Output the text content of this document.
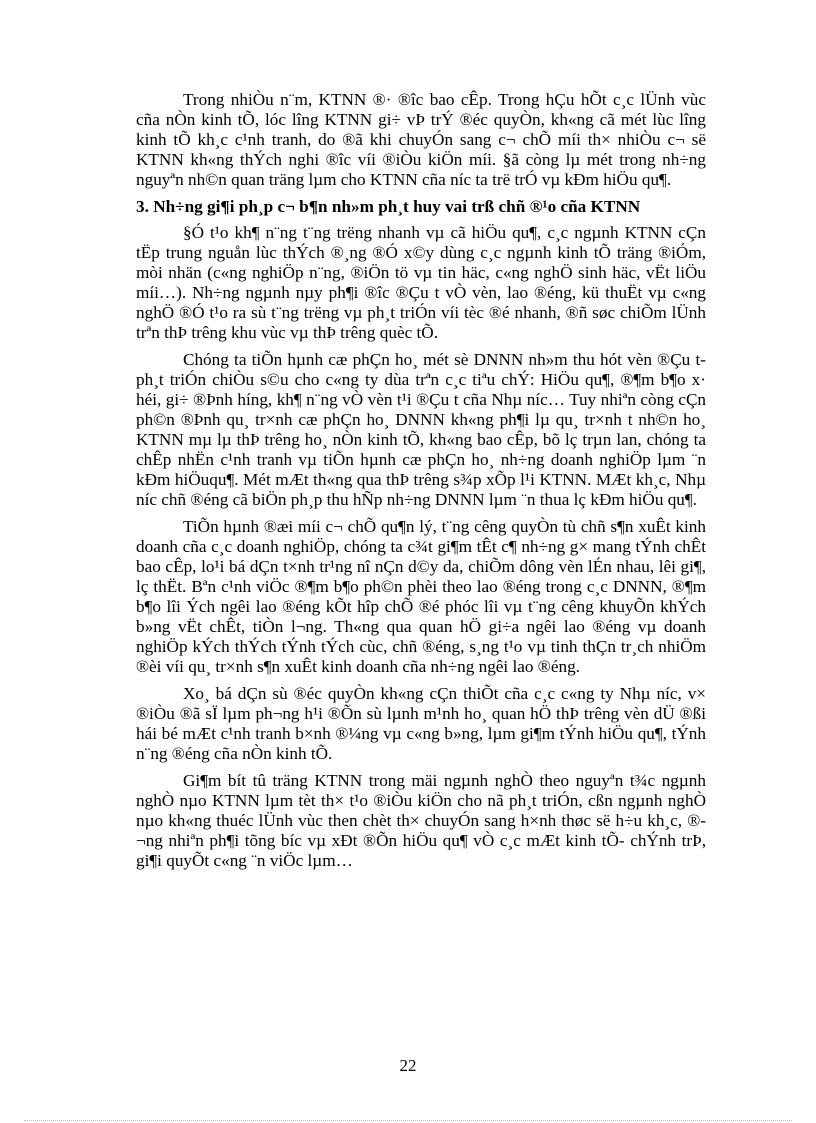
Trong nhiÒu n¨m, KTNN ®· ®îc bao cÊp. Trong hÇu hÕt c¸c lÜnh vùc cña nÒn kinh tÕ, lóc lîng KTNN gi÷ vÞ trÝ ®éc quyÒn, kh«ng cã mét lùc lîng kinh tÕ kh¸c c¹nh tranh, do ®ã khi chuyÓn sang c¬ chÕ míi th× nhiÒu c¬ së KTNN kh«ng thÝch nghi ®îc víi ®iÒu kiÖn míi. §ã còng lµ mét trong nh÷ng nguyªn nh©n quan träng lµm cho KTNN cña níc ta trë trÓ vµ kÐm hiÖu qu¶.

3. Nh÷ng gi¶i ph¸p c¬ b¶n nh»m ph¸t huy vai trß chñ ®¹o cña KTNN

§Ó t¹o kh¶ n¨ng t¨ng trëng nhanh vµ cã hiÖu qu¶, c¸c ngµnh KTNN cÇn tËp trung nguån lùc thÝch ®¸ng ®Ó x©y dùng c¸c ngµnh kinh tÕ träng ®iÓm, mòi nhän (c«ng nghiÖp n¨ng, ®iÖn tö vµ tin häc, c«ng nghÖ sinh häc, vËt liÖu míi…). Nh÷ng ngµnh nµy ph¶i ®îc ®Çu t vÒ vèn, lao ®éng, kü thuËt vµ c«ng nghÖ ®Ó t¹o ra sù t¨ng trëng vµ ph¸t triÓn víi tèc ®é nhanh, ®ñ søc chiÕm lÜnh trªn thÞ trêng khu vùc vµ thÞ trêng quèc tÕ.

Chóng ta tiÕn hµnh cæ phÇn ho¸ mét sè DNNN nh»m thu hót vèn ®Çu t ph¸t triÓn chiÒu s©u cho c«ng ty dùa trªn c¸c tiªu chÝ: HiÖu qu¶, ®¶m b¶o x· héi, gi÷ ®Þnh híng, kh¶ n¨ng vÒ vèn t¹i ®Çu t cña Nhµ níc… Tuy nhiªn còng cÇn ph©n ®Þnh qu¸ tr×nh cæ phÇn ho¸ DNNN kh«ng ph¶i lµ qu¸ tr×nh t nh©n ho¸ KTNN mµ lµ thÞ trêng ho¸ nÒn kinh tÕ, kh«ng bao cÊp, bõ lç trµn lan, chóng ta chÊp nhËn c¹nh tranh vµ tiÕn hµnh cæ phÇn ho¸ nh÷ng doanh nghiÖp lµm ¨n kÐm hiÖuqu¶. Mét mÆt th«ng qua thÞ trêng s¾p xÕp l¹i KTNN. MÆt kh¸c, Nhµ níc chñ ®éng cã biÖn ph¸p thu hÑp nh÷ng DNNN lµm ¨n thua lç kÐm hiÖu qu¶.

TiÕn hµnh ®æi míi c¬ chÕ qu¶n lý, t¨ng cêng quyÒn tù chñ s¶n xuÊt kinh doanh cña c¸c doanh nghiÖp, chóng ta c¾t gi¶m tÊt c¶ nh÷ng g× mang tÝnh chÊt bao cÊp, lo¹i bá dÇn t×nh tr¹ng nî nÇn d©y da, chiÕm dông vèn lÉn nhau, lêi gi¶, lç thËt. Bªn c¹nh viÖc ®¶m b¶o ph©n phèi theo lao ®éng trong c¸c DNNN, ®¶m b¶o lîi Ých ngêi lao ®éng kÕt hîp chÕ ®é phóc lîi vµ t¨ng cêng khuyÕn khÝch b»ng vËt chÊt, tiÒn l¬ng. Th«ng qua quan hÖ gi÷a ngêi lao ®éng vµ doanh nghiÖp kÝch thÝch tÝnh tÝch cùc, chñ ®éng, s¸ng t¹o vµ tinh thÇn tr¸ch nhiÖm ®èi víi qu¸ tr×nh s¶n xuÊt kinh doanh cña nh÷ng ngêi lao ®éng.

Xo¸ bá dÇn sù ®éc quyÒn kh«ng cÇn thiÕt cña c¸c c«ng ty Nhµ níc, v× ®iÒu ®ã sÏ lµm ph¬ng h¹i ®Õn sù lµnh m¹nh ho¸ quan hÖ thÞ trêng vèn dÜ ®ßi hái bé mÆt c¹nh tranh b×nh ®¼ng vµ c«ng b»ng, lµm gi¶m tÝnh hiÖu qu¶, tÝnh n¨ng ®éng cña nÒn kinh tÕ.

Gi¶m bít tû träng KTNN trong mäi ngµnh nghÒ theo nguyªn t¾c ngµnh nghÒ nµo KTNN lµm tèt th× t¹o ®iÒu kiÖn cho nã ph¸t triÓn, cßn ngµnh nghÒ nµo kh«ng thuéc lÜnh vùc then chèt th× chuyÓn sang h×nh thøc së h÷u kh¸c, ®¬ng nhiªn ph¶i tõng bíc vµ xÐt ®Õn hiÖu qu¶ vÒ c¸c mÆt kinh tÕ- chÝnh trÞ, gi¶i quyÕt c«ng ¨n viÖc lµm…

22
